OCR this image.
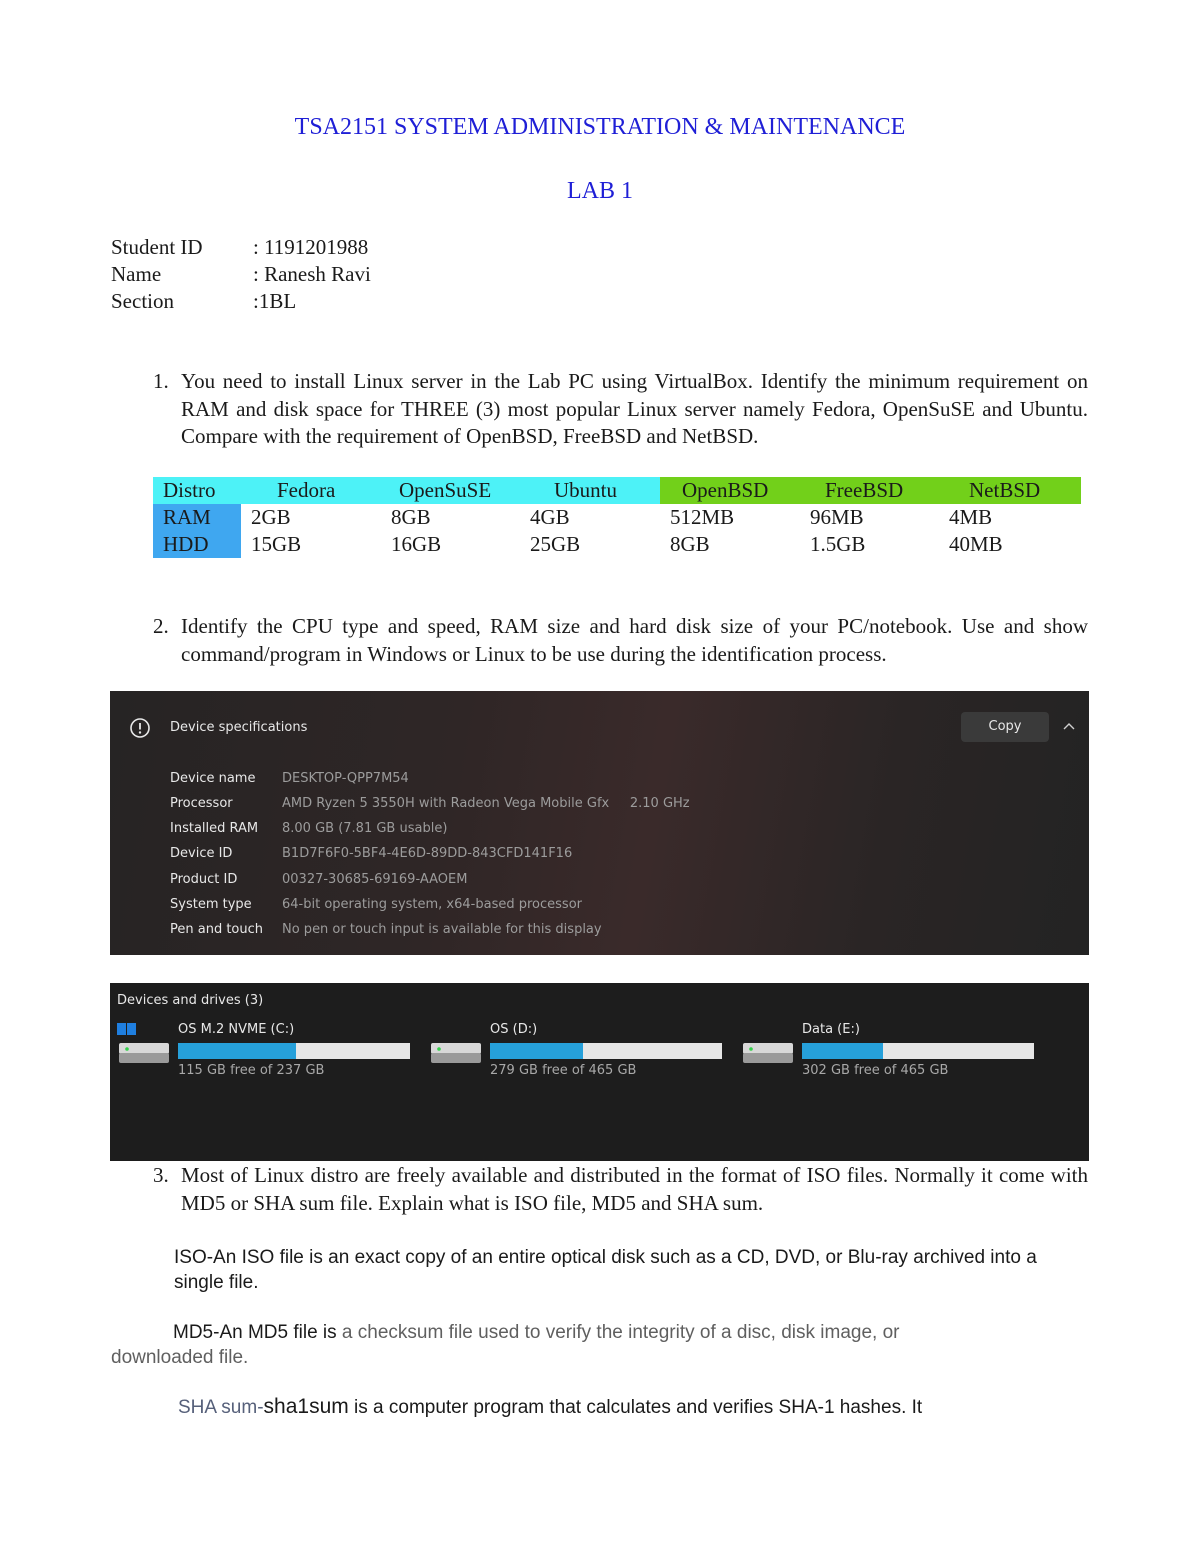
TSA2151 SYSTEM ADMINISTRATION & MAINTENANCE
LAB 1
Student ID : 1191201988
Name	: Ranesh Ravi
Section	:1BL
1. You need to install Linux server in the Lab PC using VirtualBox. Identify the minimum requirement on RAM and disk space for THREE (3) most popular Linux server namely Fedora, OpenSuSE and Ubuntu. Compare with the requirement of OpenBSD, FreeBSD and NetBSD.
Distro	Fedora	OpenSuSE	Ubuntu	OpenBSD	FreeBSD	NetBSD
RAM 2GB	8GB	4GB	512MB	96MB	4MB
HDD 15GB	16GB	25GB	8GB	1.5GB	40MB
2. Identify the CPU type and speed, RAM size and hard disk size of your PC/notebook. Use and show command/program in Windows or Linux to be use during the identification process.
Device specifications	Copy
Device name DESKTOP-QPP7M54
Processor	AMD Ryzen 5 3550H with Radeon Vega Mobile Gfx     2.10 GHz
Installed RAM 8.00 GB (7.81 GB usable)
Device ID	B1D7F6F0-5BF4-4E6D-89DD-843CFD141F16
Product ID	00327-30685-69169-AAOEM
System type 64-bit operating system, x64-based processor
Pen and touch No pen or touch input is available for this display
Devices and drives (3)
OS M.2 NVME (C:)
115 GB free of 237 GB
OS (D:)
279 GB free of 465 GB
Data (E:)
302 GB free of 465 GB
3. Most of Linux distro are freely available and distributed in the format of ISO files. Normally it come with MD5 or SHA sum file. Explain what is ISO file, MD5 and SHA sum.
ISO-An ISO file is an exact copy of an entire optical disk such as a CD, DVD, or Blu-ray archived into a single file.
MD5-An MD5 file is a checksum file used to verify the integrity of a disc, disk image, or
downloaded file.
SHA sum-sha1sum is a computer program that calculates and verifies SHA-1 hashes. It
